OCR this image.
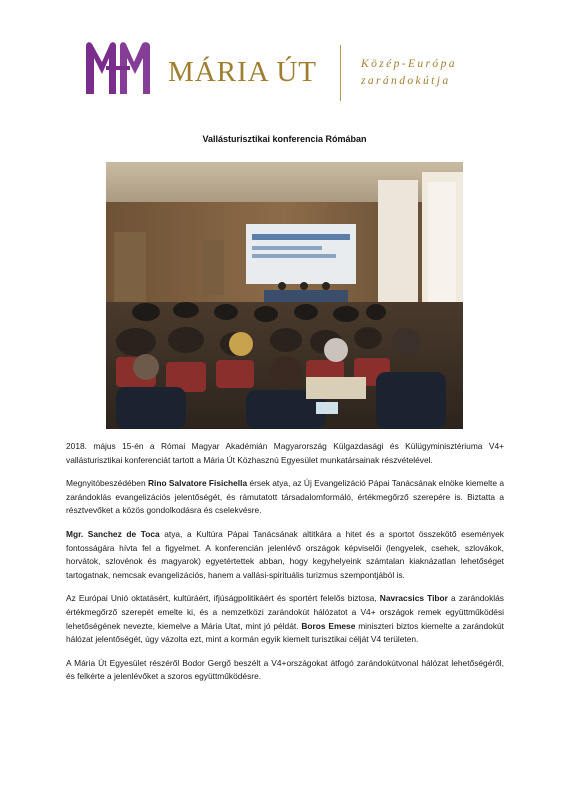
MÁRIA ÚT	Közép-Európa
zarándokútja
Vallásturisztikai konferencia Rómában

2018. május 15-én a Római Magyar Akadémián Magyarország Külgazdasági és Külügyminisztériuma V4+ vallásturisztikai konferenciát tartott a Mária Út Közhasznú Egyesület munkatársainak részvételével.

Megnyitóbeszédében Rino Salvatore Fisichella érsek atya, az Új Evangelizáció Pápai Tanácsának elnöke kiemelte a zarándoklás evangelizációs jelentőségét, és rámutatott társadalomformáló, értékmegőrző szerepére is. Biztatta a résztvevőket a közös gondolkodásra és cselekvésre.

Mgr. Sanchez de Toca atya, a Kultúra Pápai Tanácsának altitkára a hitet és a sportot összekötő események fontosságára hívta fel a figyelmet. A konferencián jelenlévő országok képviselői (lengyelek, csehek, szlovákok, horvátok, szlovénok és magyarok) egyetértettek abban, hogy kegyhelyeink számtalan kiaknázatlan lehetőséget tartogatnak, nemcsak evangelizációs, hanem a vallási-spirituális turizmus szempontjából is.

Az Európai Unió oktatásért, kultúráért, ifjúságpolitikáért és sportért felelős biztosa, Navracsics Tibor a zarándoklás értékmegőrző szerepét emelte ki, és a nemzetközi zarándokút hálózatot a V4+ országok remek együttműködési lehetőségének nevezte, kiemelve a Mária Utat, mint jó példát. Boros Emese miniszteri biztos kiemelte a zarándokút hálózat jelentőségét, úgy vázolta ezt, mint a kormán egyik kiemelt turisztikai célját V4 területen.

A Mária Út Egyesület részéről Bodor Gergő beszélt a V4+országokat átfogó zarándokútvonal hálózat lehetőségéről, és felkérte a jelenlévőket a szoros együttműködésre.
